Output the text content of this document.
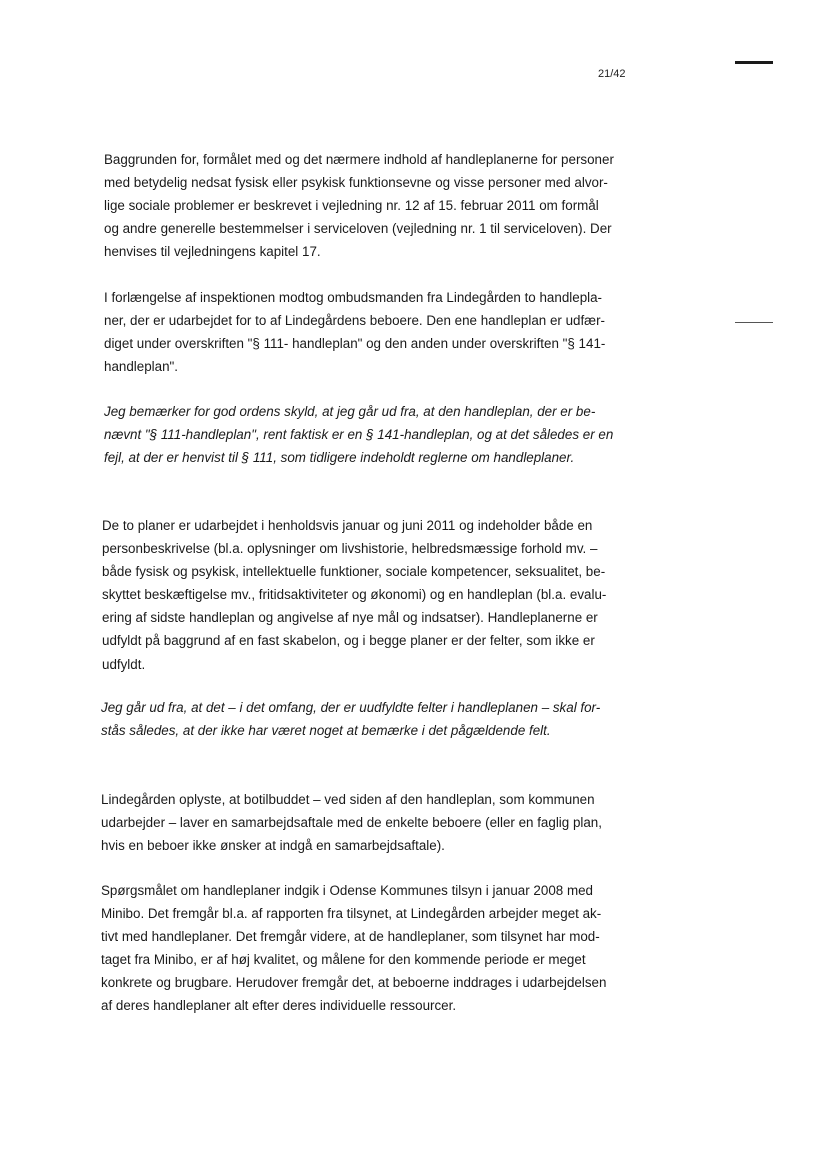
21/42
Baggrunden for, formålet med og det nærmere indhold af handleplanerne for personer
med betydelig nedsat fysisk eller psykisk funktionsevne og visse personer med alvor-
lige sociale problemer er beskrevet i vejledning nr. 12 af 15. februar 2011 om formål
og andre generelle bestemmelser i serviceloven (vejledning nr. 1 til serviceloven). Der
henvises til vejledningens kapitel 17.
I forlængelse af inspektionen modtog ombudsmanden fra Lindegården to handlepla-
ner, der er udarbejdet for to af Lindegårdens beboere. Den ene handleplan er udfær-
diget under overskriften "§ 111- handleplan" og den anden under overskriften "§ 141-
handleplan".
Jeg bemærker for god ordens skyld, at jeg går ud fra, at den handleplan, der er be-
nævnt "§ 111-handleplan", rent faktisk er en § 141-handleplan, og at det således er en
fejl, at der er henvist til § 111, som tidligere indeholdt reglerne om handleplaner.
De to planer er udarbejdet i henholdsvis januar og juni 2011 og indeholder både en
personbeskrivelse (bl.a. oplysninger om livshistorie, helbredsmæssige forhold mv. –
både fysisk og psykisk, intellektuelle funktioner, sociale kompetencer, seksualitet, be-
skyttet beskæftigelse mv., fritidsaktiviteter og økonomi) og en handleplan (bl.a. evalu-
ering af sidste handleplan og angivelse af nye mål og indsatser). Handleplanerne er
udfyldt på baggrund af en fast skabelon, og i begge planer er der felter, som ikke er
udfyldt.
Jeg går ud fra, at det – i det omfang, der er uudfyldte felter i handleplanen – skal for-
stås således, at der ikke har været noget at bemærke i det pågældende felt.
Lindegården oplyste, at botilbuddet – ved siden af den handleplan, som kommunen
udarbejder – laver en samarbejdsaftale med de enkelte beboere (eller en faglig plan,
hvis en beboer ikke ønsker at indgå en samarbejdsaftale).
Spørgsmålet om handleplaner indgik i Odense Kommunes tilsyn i januar 2008 med
Minibo. Det fremgår bl.a. af rapporten fra tilsynet, at Lindegården arbejder meget ak-
tivt med handleplaner. Det fremgår videre, at de handleplaner, som tilsynet har mod-
taget fra Minibo, er af høj kvalitet, og målene for den kommende periode er meget
konkrete og brugbare. Herudover fremgår det, at beboerne inddrages i udarbejdelsen
af deres handleplaner alt efter deres individuelle ressourcer.
